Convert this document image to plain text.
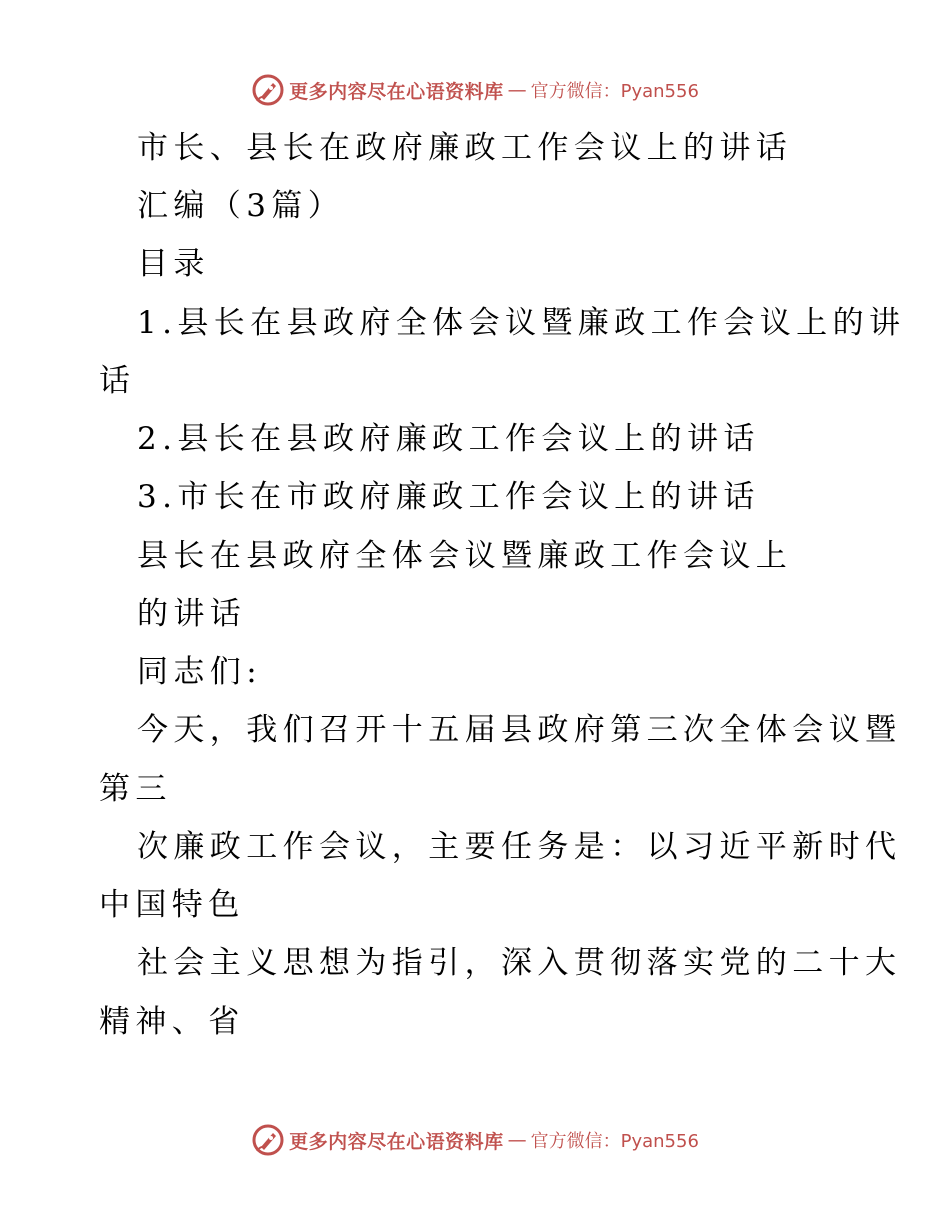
更多内容尽在心语资料库 — 官方微信：Pyan556
市长、县长在政府廉政工作会议上的讲话
汇编（3篇）
目录
1.县长在县政府全体会议暨廉政工作会议上的讲
话
2.县长在县政府廉政工作会议上的讲话
3.市长在市政府廉政工作会议上的讲话
县长在县政府全体会议暨廉政工作会议上
的讲话
同志们:
今天，我们召开十五届县政府第三次全体会议暨
第三
次廉政工作会议，主要任务是：以习近平新时代
中国特色
社会主义思想为指引，深入贯彻落实党的二十大
精神、省
更多内容尽在心语资料库 — 官方微信：Pyan556
